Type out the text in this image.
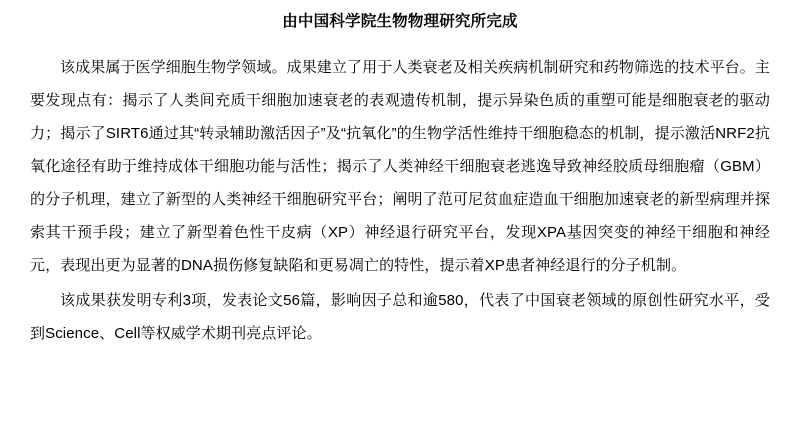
由中国科学院生物物理研究所完成

该成果属于医学细胞生物学领域。成果建立了用于人类衰老及相关疾病机制研究和药物筛选的技术平台。主要发现点有：揭示了人类间充质干细胞加速衰老的表观遗传机制，提示异染色质的重塑可能是细胞衰老的驱动力；揭示了SIRT6通过其“转录辅助激活因子”及“抗氧化”的生物学活性维持干细胞稳态的机制，提示激活NRF2抗氧化途径有助于维持成体干细胞功能与活性；揭示了人类神经干细胞衰老逃逸导致神经胶质母细胞瘤（GBM）的分子机理，建立了新型的人类神经干细胞研究平台；阐明了范可尼贫血症造血干细胞加速衰老的新型病理并探索其干预手段；建立了新型着色性干皮病（XP）神经退行研究平台，发现XPA基因突变的神经干细胞和神经元，表现出更为显著的DNA损伤修复缺陷和更易凋亡的特性，提示着XP患者神经退行的分子机制。

该成果获发明专利3项，发表论文56篇，影响因子总和逾580，代表了中国衰老领域的原创性研究水平，受到Science、Cell等权威学术期刊亮点评论。
